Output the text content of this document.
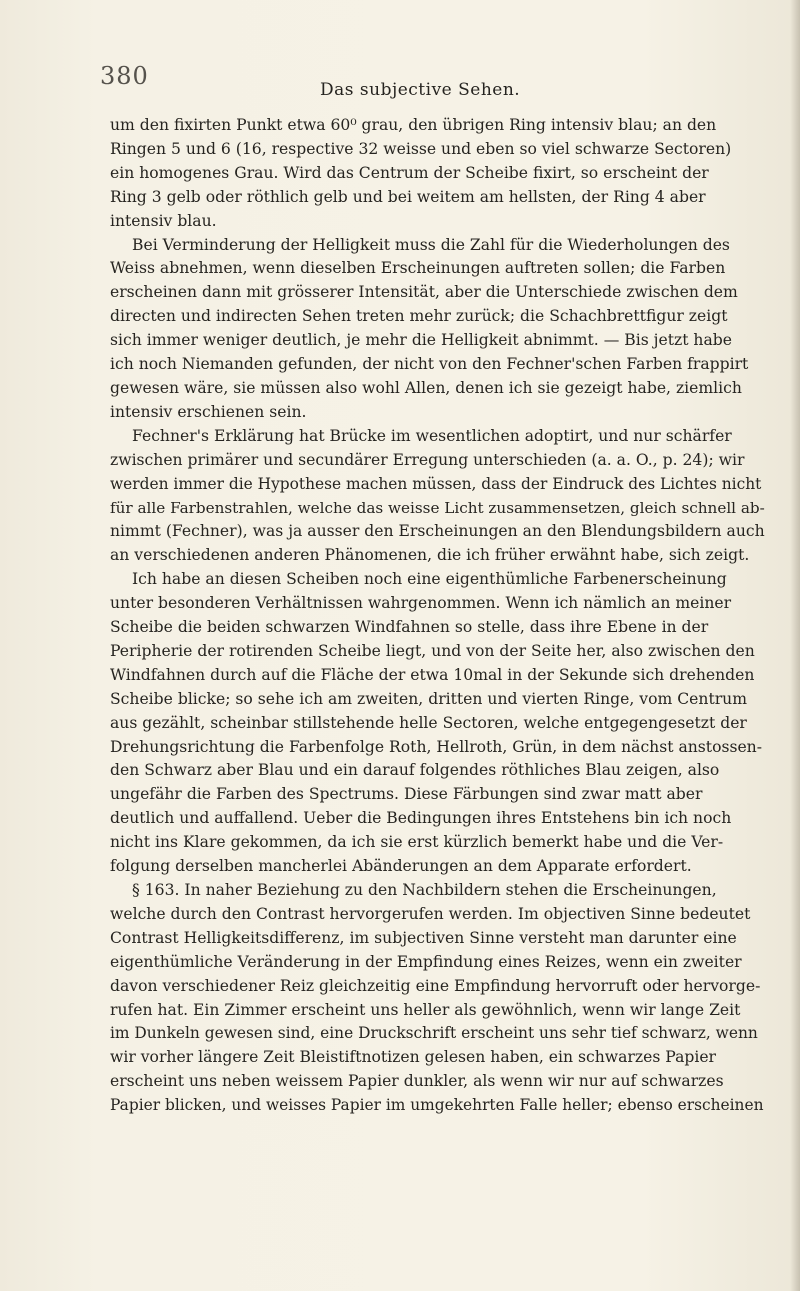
380	Das subjective Sehen.
um den fixirten Punkt etwa 60⁰ grau, den übrigen Ring intensiv blau; an den
Ringen 5 und 6 (16, respective 32 weisse und eben so viel schwarze Sectoren)
ein homogenes Grau. Wird das Centrum der Scheibe fixirt, so erscheint der
Ring 3 gelb oder röthlich gelb und bei weitem am hellsten, der Ring 4 aber
intensiv blau.
Bei Verminderung der Helligkeit muss die Zahl für die Wiederholungen des
Weiss abnehmen, wenn dieselben Erscheinungen auftreten sollen; die Farben
erscheinen dann mit grösserer Intensität, aber die Unterschiede zwischen dem
directen und indirecten Sehen treten mehr zurück; die Schachbrettfigur zeigt
sich immer weniger deutlich, je mehr die Helligkeit abnimmt. — Bis jetzt habe
ich noch Niemanden gefunden, der nicht von den Fechner'schen Farben frappirt
gewesen wäre, sie müssen also wohl Allen, denen ich sie gezeigt habe, ziemlich
intensiv erschienen sein.
Fechner's Erklärung hat Brücke im wesentlichen adoptirt, und nur schärfer
zwischen primärer und secundärer Erregung unterschieden (a. a. O., p. 24); wir
werden immer die Hypothese machen müssen, dass der Eindruck des Lichtes nicht
für alle Farbenstrahlen, welche das weisse Licht zusammensetzen, gleich schnell ab-
nimmt (Fechner), was ja ausser den Erscheinungen an den Blendungsbildern auch
an verschiedenen anderen Phänomenen, die ich früher erwähnt habe, sich zeigt.
Ich habe an diesen Scheiben noch eine eigenthümliche Farbenerscheinung
unter besonderen Verhältnissen wahrgenommen. Wenn ich nämlich an meiner
Scheibe die beiden schwarzen Windfahnen so stelle, dass ihre Ebene in der
Peripherie der rotirenden Scheibe liegt, und von der Seite her, also zwischen den
Windfahnen durch auf die Fläche der etwa 10mal in der Sekunde sich drehenden
Scheibe blicke; so sehe ich am zweiten, dritten und vierten Ringe, vom Centrum
aus gezählt, scheinbar stillstehende helle Sectoren, welche entgegengesetzt der
Drehungsrichtung die Farbenfolge Roth, Hellroth, Grün, in dem nächst anstossen-
den Schwarz aber Blau und ein darauf folgendes röthliches Blau zeigen, also
ungefähr die Farben des Spectrums. Diese Färbungen sind zwar matt aber
deutlich und auffallend. Ueber die Bedingungen ihres Entstehens bin ich noch
nicht ins Klare gekommen, da ich sie erst kürzlich bemerkt habe und die Ver-
folgung derselben mancherlei Abänderungen an dem Apparate erfordert.
§ 163. In naher Beziehung zu den Nachbildern stehen die Erscheinungen,
welche durch den Contrast hervorgerufen werden. Im objectiven Sinne bedeutet
Contrast Helligkeitsdifferenz, im subjectiven Sinne versteht man darunter eine
eigenthümliche Veränderung in der Empfindung eines Reizes, wenn ein zweiter
davon verschiedener Reiz gleichzeitig eine Empfindung hervorruft oder hervorge-
rufen hat. Ein Zimmer erscheint uns heller als gewöhnlich, wenn wir lange Zeit
im Dunkeln gewesen sind, eine Druckschrift erscheint uns sehr tief schwarz, wenn
wir vorher längere Zeit Bleistiftnotizen gelesen haben, ein schwarzes Papier
erscheint uns neben weissem Papier dunkler, als wenn wir nur auf schwarzes
Papier blicken, und weisses Papier im umgekehrten Falle heller; ebenso erscheinen
